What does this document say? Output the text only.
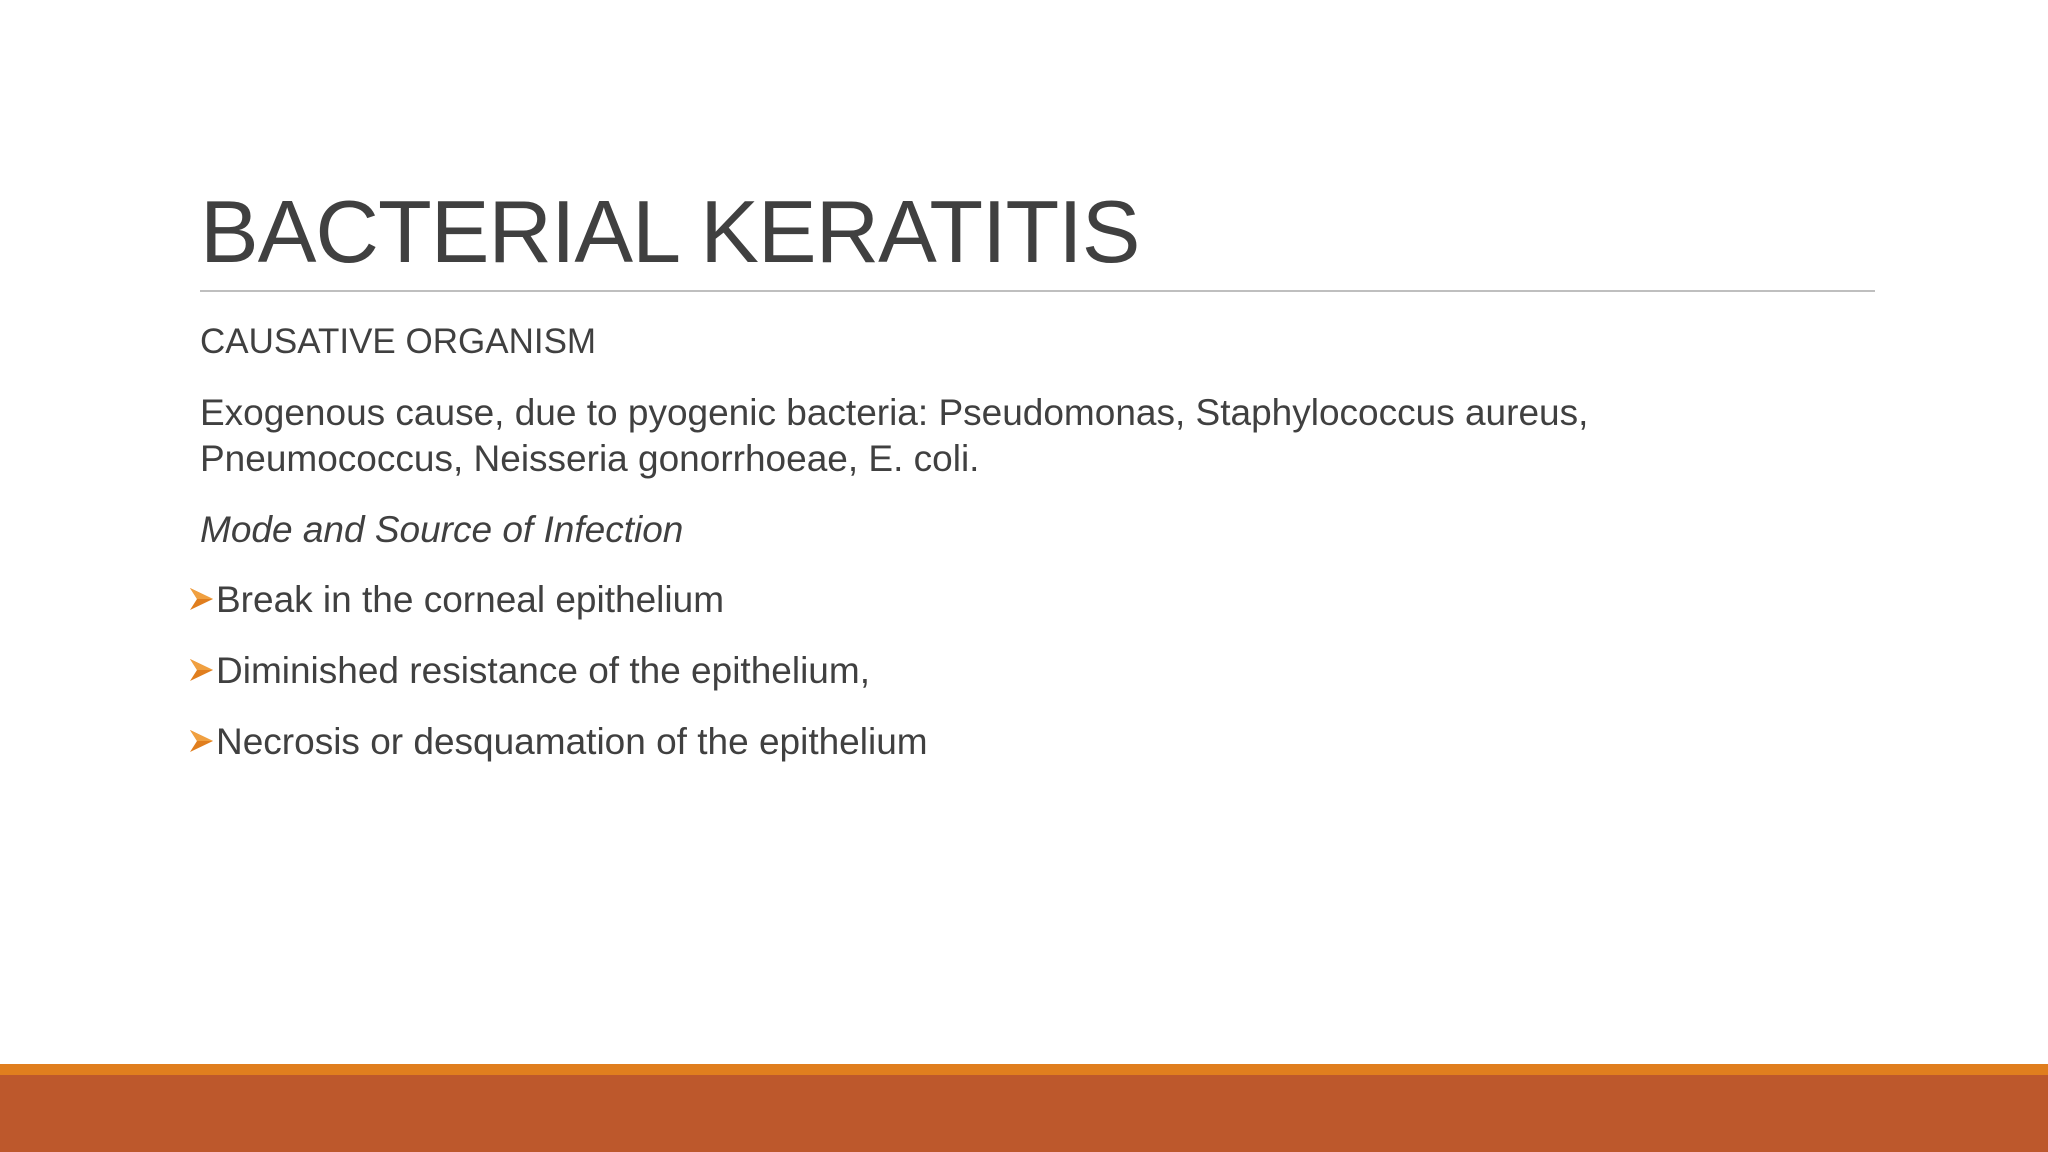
BACTERIAL KERATITIS

CAUSATIVE ORGANISM

Exogenous cause, due to pyogenic bacteria: Pseudomonas, Staphylococcus aureus,
Pneumococcus, Neisseria gonorrhoeae, E. coli.

Mode and Source of Infection

Break in the corneal epithelium
Diminished resistance of the epithelium,
Necrosis or desquamation of the epithelium
